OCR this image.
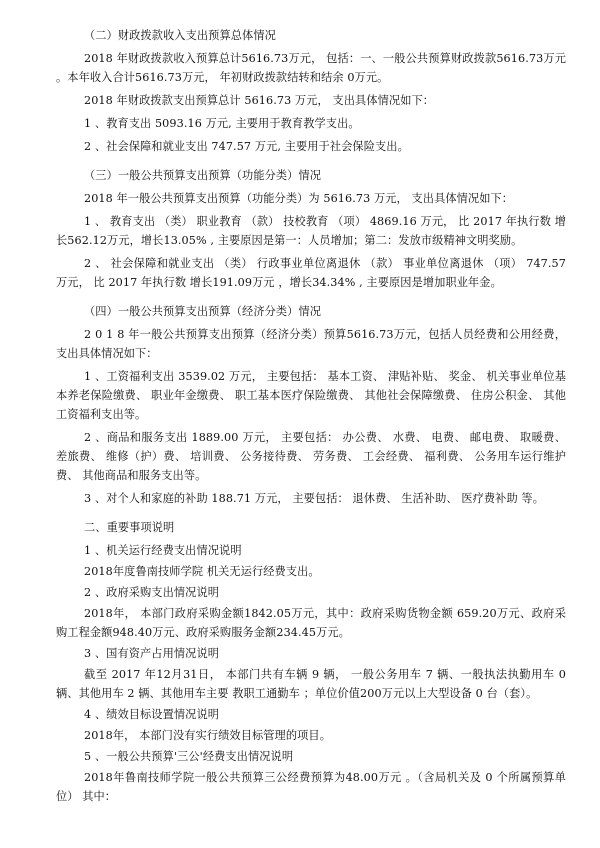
（二）财政拨款收入支出预算总体情况

2018 年财政拨款收入预算总计5616.73万元， 包括：一、一般公共预算财政拨款5616.73万元 。本年收入合计5616.73万元， 年初财政拨款结转和结余 0万元。

2018 年财政拨款支出预算总计 5616.73 万元， 支出具体情况如下：

1 、教育支出 5093.16 万元, 主要用于教育教学支出。

2 、社会保障和就业支出 747.57 万元, 主要用于社会保险支出。

（三）一般公共预算支出预算（功能分类）情况

2018 年一般公共预算支出预算（功能分类）为 5616.73 万元， 支出具体情况如下：

1 、 教育支出 （类） 职业教育 （款） 技校教育 （项） 4869.16 万元， 比 2017 年执行数 增长562.12万元，增长13.05% , 主要原因是第一：人员增加；第二：发放市级精神文明奖励。

2 、 社会保障和就业支出 （类） 行政事业单位离退休 （款） 事业单位离退休 （项） 747.57 万元， 比 2017 年执行数 增长191.09万元 ，增长34.34% , 主要原因是增加职业年金。

（四）一般公共预算支出预算（经济分类）情况

2 0 1 8 年一般公共预算支出预算（经济分类）预算5616.73万元，包括人员经费和公用经费，支出具体情况如下：

1 、工资福利支出 3539.02 万元， 主要包括： 基本工资、 津贴补贴、 奖金、 机关事业单位基本养老保险缴费、 职业年金缴费、 职工基本医疗保险缴费、 其他社会保障缴费、 住房公积金、 其他工资福利支出等。

2 、商品和服务支出 1889.00 万元， 主要包括： 办公费、 水费、 电费、 邮电费、 取暖费、 差旅费、 维修（护）费、 培训费、 公务接待费、 劳务费、 工会经费、 福利费、 公务用车运行维护费、 其他商品和服务支出等。

3 、对个人和家庭的补助 188.71 万元， 主要包括： 退休费、 生活补助、 医疗费补助 等。

二、重要事项说明

1 、机关运行经费支出情况说明

2018年度鲁南技师学院 机关无运行经费支出。

2 、政府采购支出情况说明

2018年， 本部门政府采购金额1842.05万元，其中：政府采购货物金额 659.20万元、政府采购工程金额948.40万元、政府采购服务金额234.45万元。

3 、国有资产占用情况说明

截至 2017 年12月31日， 本部门共有车辆 9 辆， 一般公务用车 7 辆、一般执法执勤用车 0 辆、其他用车 2 辆、其他用车主要 教职工通勤车 ；单位价值200万元以上大型设备 0 台（套）。

4 、绩效目标设置情况说明

2018年， 本部门没有实行绩效目标管理的项目。

5 、一般公共预算'三公'经费支出情况说明

2018年鲁南技师学院一般公共预算三公经费预算为48.00万元 。（含局机关及 0 个所属预算单位） 其中：
